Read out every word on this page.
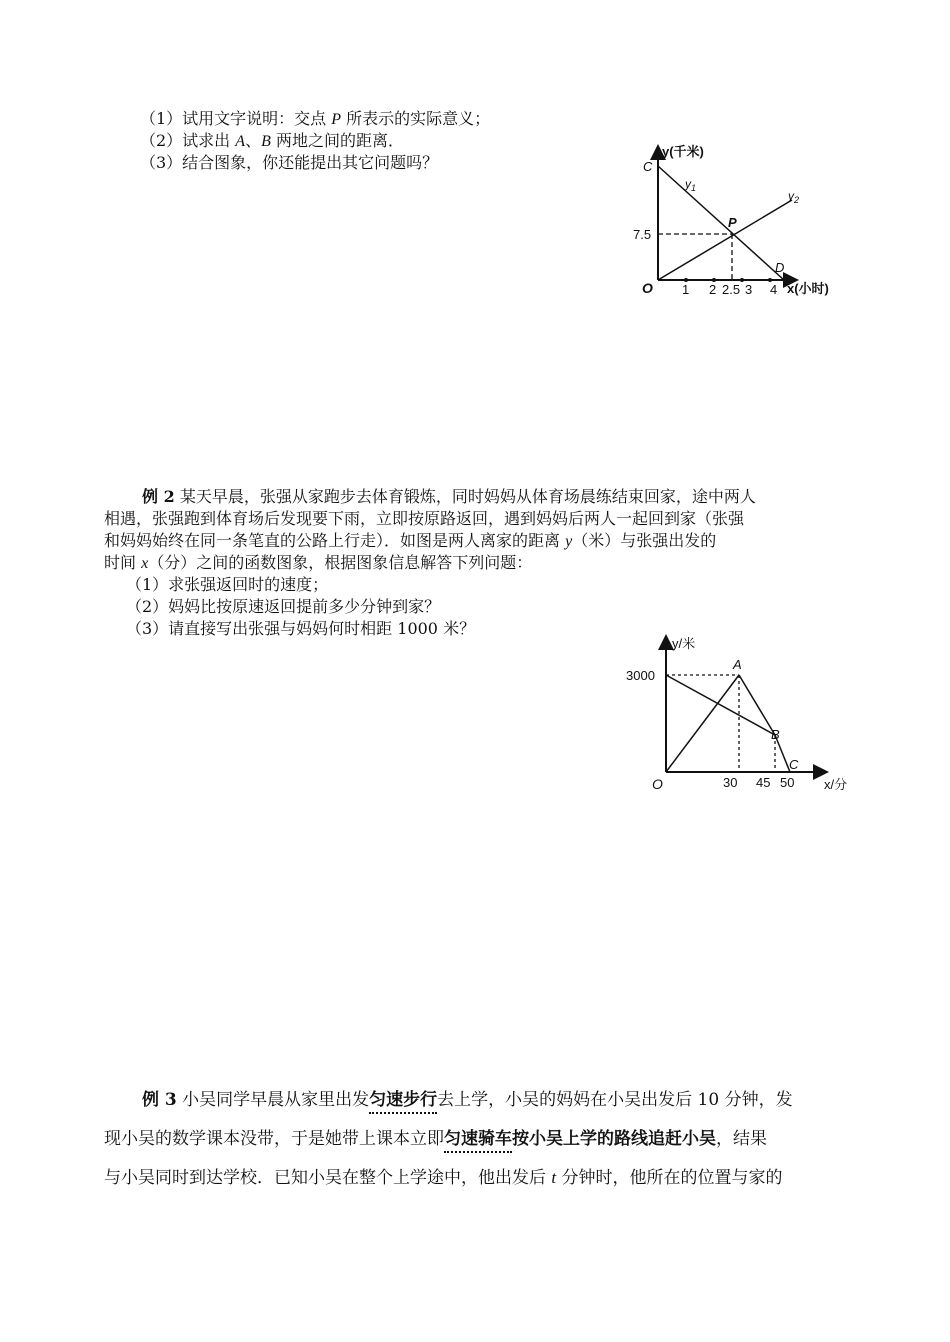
（1）试用文字说明：交点 P 所表示的实际意义；
（2）试求出 A、B 两地之间的距离．
（3）结合图象，你还能提出其它问题吗？
y(千米)
C
$y_1$
$y_2$
P
7.5
D
O 1 2 2.5 3 4 x(小时)
例 2 某天早晨，张强从家跑步去体育锻炼，同时妈妈从体育场晨练结束回家，途中两人
相遇，张强跑到体育场后发现要下雨，立即按原路返回，遇到妈妈后两人一起回到家（张强
和妈妈始终在同一条笔直的公路上行走）．如图是两人离家的距离 y（米）与张强出发的
时间 x（分）之间的函数图象，根据图象信息解答下列问题：
（1）求张强返回时的速度；
（2）妈妈比按原速返回提前多少分钟到家？
（3）请直接写出张强与妈妈何时相距 1000 米？
y/米
A
3000
B
C
O	30 45 50 x/分
例 3 小吴同学早晨从家里出发匀速步行去上学，小吴的妈妈在小吴出发后 10 分钟，发
现小吴的数学课本没带，于是她带上课本立即匀速骑车按小吴上学的路线追赶小吴，结果
与小吴同时到达学校．已知小吴在整个上学途中，他出发后 t 分钟时，他所在的位置与家的
